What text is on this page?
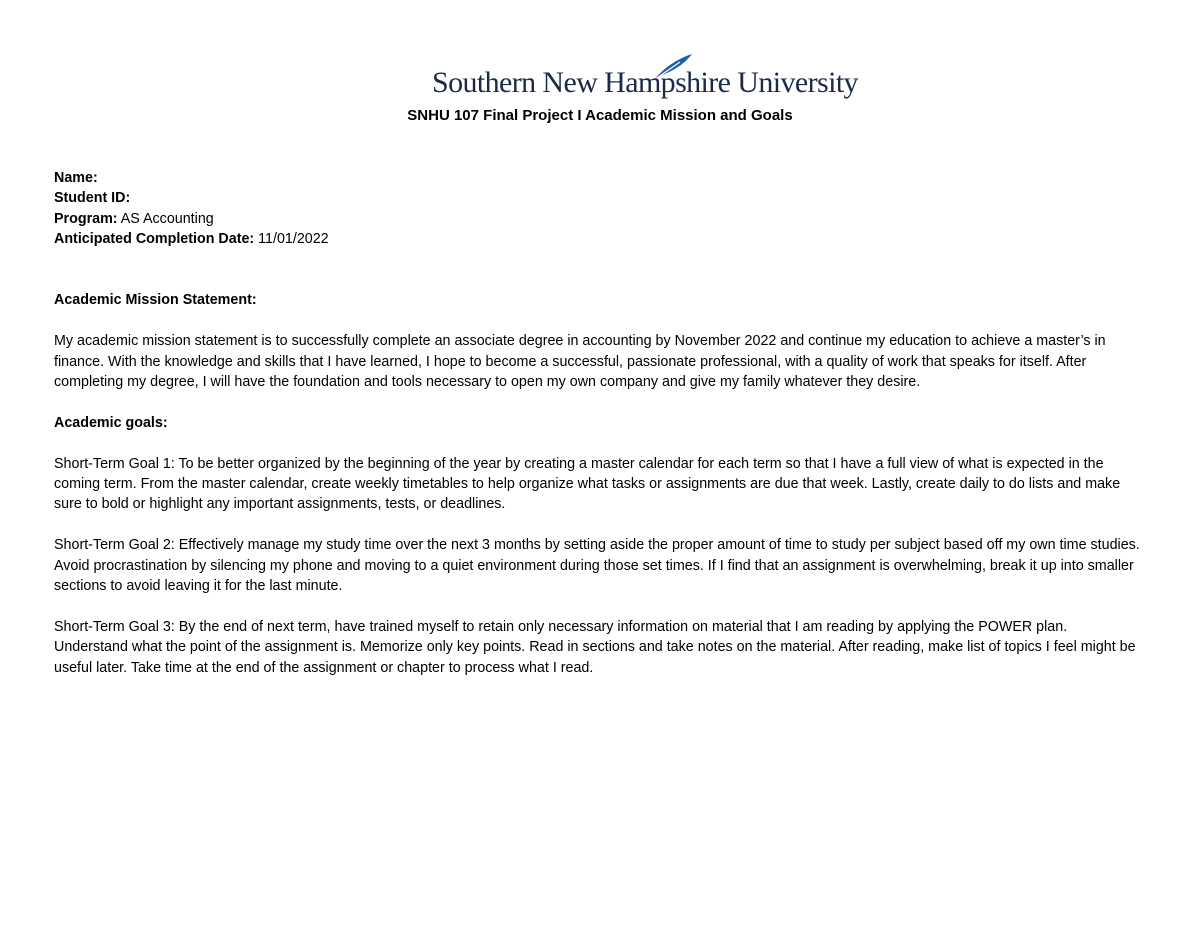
Southern New Hampshire University
SNHU 107 Final Project I Academic Mission and Goals

Name:

Student ID:

Program: AS Accounting

Anticipated Completion Date: 11/01/2022

Academic Mission Statement:

My academic mission statement is to successfully complete an associate degree in accounting by November 2022 and continue my education to achieve a master’s in finance. With the knowledge and skills that I have learned, I hope to become a successful, passionate professional, with a quality of work that speaks for itself. After completing my degree, I will have the foundation and tools necessary to open my own company and give my family whatever they desire.

Academic goals:

Short-Term Goal 1: To be better organized by the beginning of the year by creating a master calendar for each term so that I have a full view of what is expected in the coming term. From the master calendar, create weekly timetables to help organize what tasks or assignments are due that week. Lastly, create daily to do lists and make sure to bold or highlight any important assignments, tests, or deadlines.

Short-Term Goal 2: Effectively manage my study time over the next 3 months by setting aside the proper amount of time to study per subject based off my own time studies. Avoid procrastination by silencing my phone and moving to a quiet environment during those set times. If I find that an assignment is overwhelming, break it up into smaller sections to avoid leaving it for the last minute.

Short-Term Goal 3: By the end of next term, have trained myself to retain only necessary information on material that I am reading by applying the POWER plan. Understand what the point of the assignment is. Memorize only key points. Read in sections and take notes on the material. After reading, make list of topics I feel might be useful later. Take time at the end of the assignment or chapter to process what I read.
